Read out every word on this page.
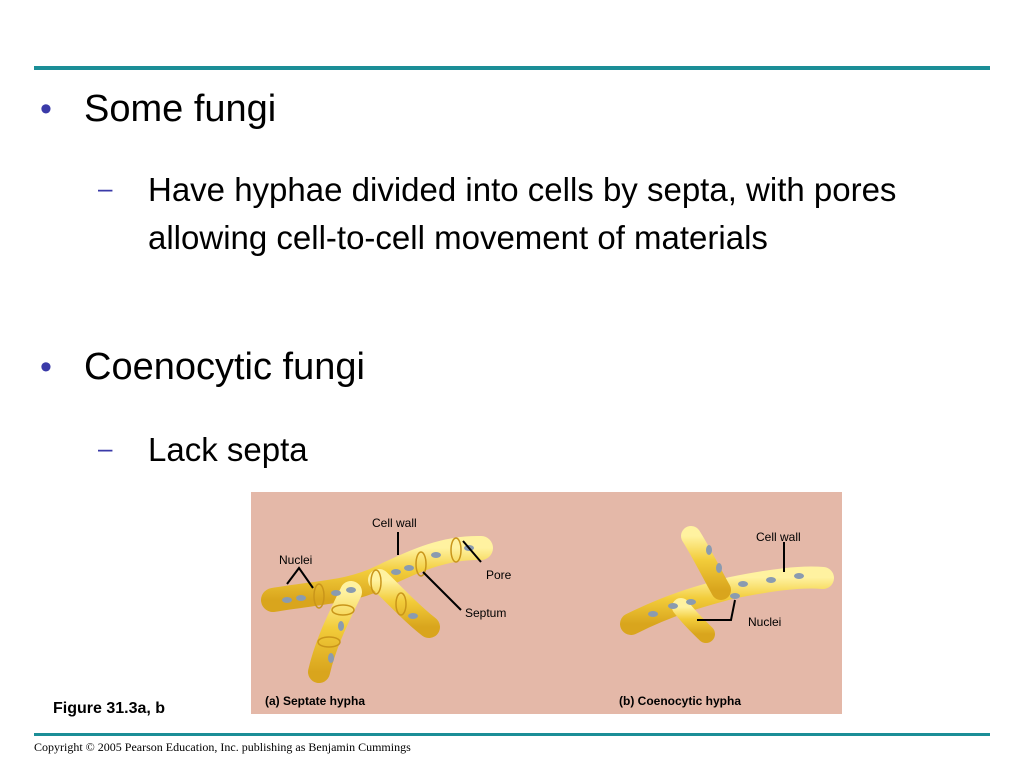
• Some fungi
– Have hyphae divided into cells by septa, with pores allowing cell-to-cell movement of materials
• Coenocytic fungi
– Lack septa
Cell wall
Nuclei
Pore
Septum
(a) Septate hypha
Cell wall
Nuclei
(b) Coenocytic hypha
Figure 31.3a, b
Copyright © 2005 Pearson Education, Inc. publishing as Benjamin Cummings
